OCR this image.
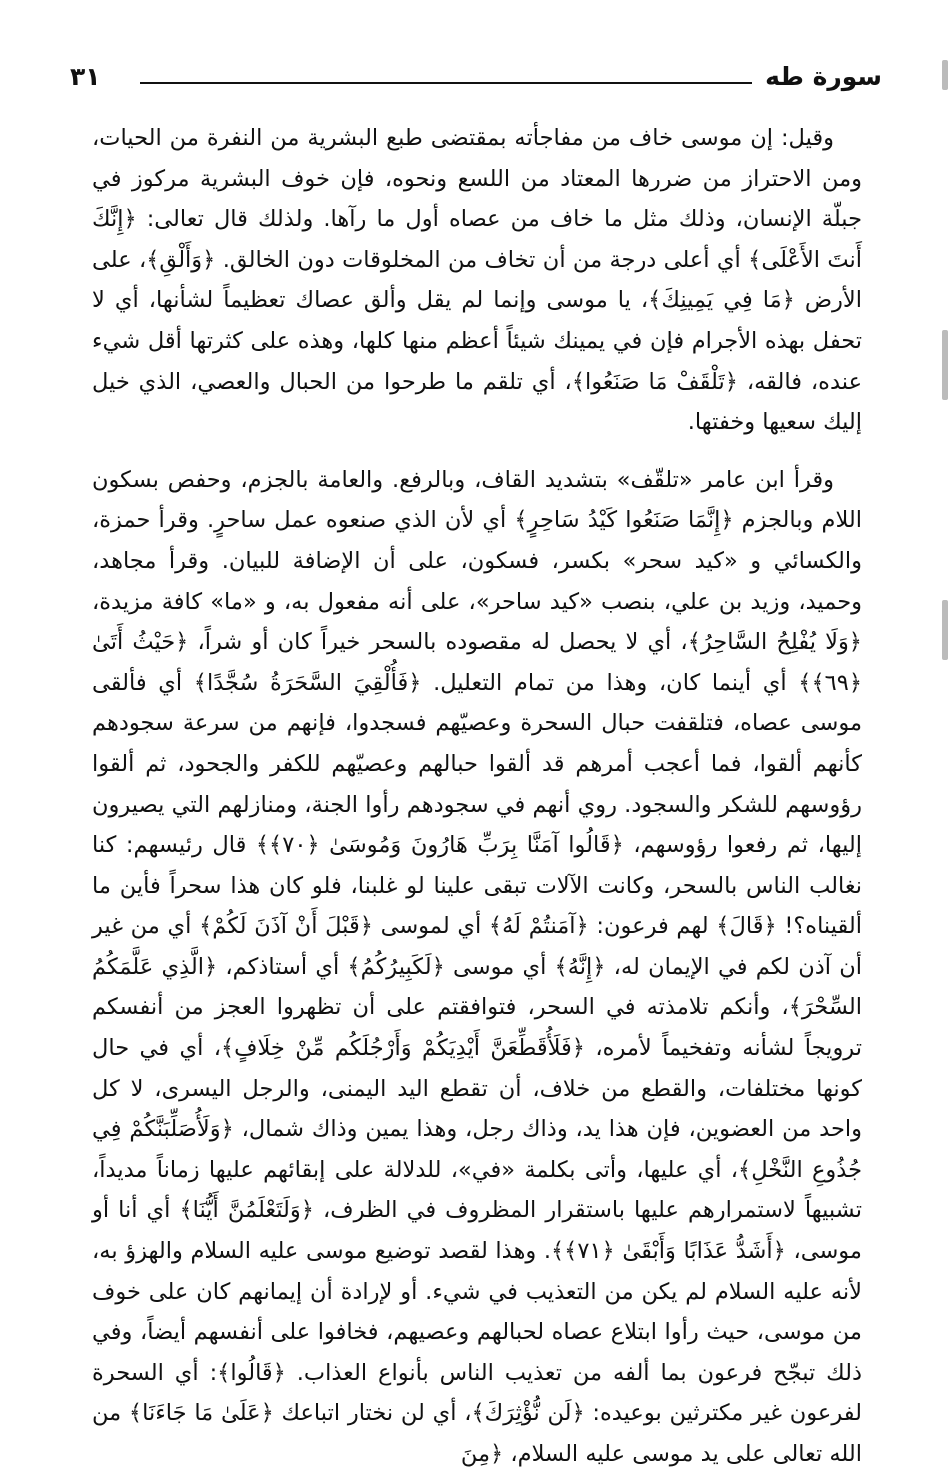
سورة طه
٣١

وقيل: إن موسى خاف من مفاجأته بمقتضى طبع البشرية من النفرة من الحيات، ومن الاحتراز من ضررها المعتاد من اللسع ونحوه، فإن خوف البشرية مركوز في جبلّة الإنسان، وذلك مثل ما خاف من عصاه أول ما رآها. ولذلك قال تعالى: ﴿إِنَّكَ أَنتَ الأَعْلَى﴾ أي أعلى درجة من أن تخاف من المخلوقات دون الخالق. ﴿وَأَلْقِ﴾، على الأرض ﴿مَا فِي يَمِينِكَ﴾، يا موسى وإنما لم يقل وألق عصاك تعظيماً لشأنها، أي لا تحفل بهذه الأجرام فإن في يمينك شيئاً أعظم منها كلها، وهذه على كثرتها أقل شيء عنده، فالقه، ﴿تَلْقَفْ مَا صَنَعُوا﴾، أي تلقم ما طرحوا من الحبال والعصي، الذي خيل إليك سعيها وخفتها.

وقرأ ابن عامر «تلقّف» بتشديد القاف، وبالرفع. والعامة بالجزم، وحفص بسكون اللام وبالجزم ﴿إِنَّمَا صَنَعُوا كَيْدُ سَاحِرٍ﴾ أي لأن الذي صنعوه عمل ساحرٍ. وقرأ حمزة، والكسائي و «كيد سحر» بكسر، فسكون، على أن الإضافة للبيان. وقرأ مجاهد، وحميد، وزيد بن علي، بنصب «كيد ساحر»، على أنه مفعول به، و «ما» كافة مزيدة، ﴿وَلَا يُفْلِحُ السَّاحِرُ﴾، أي لا يحصل له مقصوده بالسحر خيراً كان أو شراً، ﴿حَيْثُ أَتَىٰ ﴿٦٩﴾﴾ أي أينما كان، وهذا من تمام التعليل. ﴿فَأُلْقِيَ السَّحَرَةُ سُجَّدًا﴾ أي فألقى موسى عصاه، فتلقفت حبال السحرة وعصيّهم فسجدوا، فإنهم من سرعة سجودهم كأنهم ألقوا، فما أعجب أمرهم قد ألقوا حبالهم وعصيّهم للكفر والجحود، ثم ألقوا رؤوسهم للشكر والسجود. روي أنهم في سجودهم رأوا الجنة، ومنازلهم التي يصيرون إليها، ثم رفعوا رؤوسهم، ﴿قَالُوا آمَنَّا بِرَبِّ هَارُونَ وَمُوسَىٰ ﴿٧٠﴾﴾ قال رئيسهم: كنا نغالب الناس بالسحر، وكانت الآلات تبقى علينا لو غلبنا، فلو كان هذا سحراً فأين ما ألقيناه؟! ﴿قَالَ﴾ لهم فرعون: ﴿آمَنتُمْ لَهُ﴾ أي لموسى ﴿قَبْلَ أَنْ آذَنَ لَكُمْ﴾ أي من غير أن آذن لكم في الإيمان له، ﴿إِنَّهُ﴾ أي موسى ﴿لَكَبِيرُكُمُ﴾ أي أستاذكم، ﴿الَّذِي عَلَّمَكُمُ السِّحْرَ﴾، وأنكم تلامذته في السحر، فتوافقتم على أن تظهروا العجز من أنفسكم ترويجاً لشأنه وتفخيماً لأمره، ﴿فَلَأُقَطِّعَنَّ أَيْدِيَكُمْ وَأَرْجُلَكُم مِّنْ خِلَافٍ﴾، أي في حال كونها مختلفات، والقطع من خلاف، أن تقطع اليد اليمنى، والرجل اليسرى، لا كل واحد من العضوين، فإن هذا يد، وذاك رجل، وهذا يمين وذاك شمال، ﴿وَلَأُصَلِّبَنَّكُمْ فِي جُذُوعِ النَّخْلِ﴾، أي عليها، وأتى بكلمة «في»، للدلالة على إبقائهم عليها زماناً مديداً، تشبيهاً لاستمرارهم عليها باستقرار المظروف في الظرف، ﴿وَلَتَعْلَمُنَّ أَيُّنَا﴾ أي أنا أو موسى، ﴿أَشَدُّ عَذَابًا وَأَبْقَىٰ ﴿٧١﴾﴾. وهذا لقصد توضيع موسى عليه السلام والهزؤ به، لأنه عليه السلام لم يكن من التعذيب في شيء. أو لإرادة أن إيمانهم كان على خوف من موسى، حيث رأوا ابتلاع عصاه لحبالهم وعصيهم، فخافوا على أنفسهم أيضاً، وفي ذلك تبجّح فرعون بما ألفه من تعذيب الناس بأنواع العذاب. ﴿قَالُوا﴾: أي السحرة لفرعون غير مكترثين بوعيده: ﴿لَن نُّؤْثِرَكَ﴾، أي لن نختار اتباعك ﴿عَلَىٰ مَا جَاءَنَا﴾ من الله تعالى على يد موسى عليه السلام، ﴿مِنَ
